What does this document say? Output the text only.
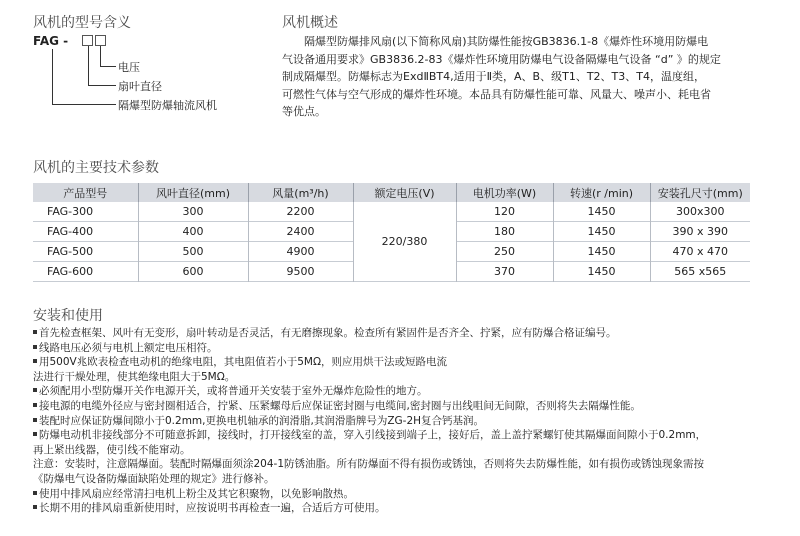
风机的型号含义
FAG -
电压
扇叶直径
隔爆型防爆轴流风机
风机概述

隔爆型防爆排风扇(以下简称风扇)其防爆性能按GB3836.1-8《爆炸性环境用防爆电

气设备通用要求》GB3836.2-83《爆炸性环境用防爆电气设备隔爆电气设备 “d” 》的规定

制成隔爆型。防爆标志为ExdⅡBT4,适用于Ⅱ类，A、B、级T1、T2、T3、T4，温度组，

可燃性气体与空气形成的爆炸性环境。本品具有防爆性能可靠、风量大、噪声小、耗电省

等优点。

风机的主要技术参数
产品型号	风叶直径(mm)	风量(m³/h)	额定电压(V)	电机功率(W)	转速(r /min)	安装孔尺寸(mm)
FAG-300	300	2200	220/380	120	1450	300x300
FAG-400	400	2400		180	1450	390 x 390
FAG-500	500	4900		250	1450	470 x 470
FAG-600	600	9500		370	1450	565 x565
安装和使用
首先检查框架、风叶有无变形，扇叶转动是否灵活，有无磨擦现象。检查所有紧固件是否齐全、拧紧，应有防爆合格证编号。
线路电压必须与电机上额定电压相符。
用500V兆欧表检查电动机的绝缘电阻，其电阻值若小于5MΩ，则应用烘干法或短路电流
法进行干燥处理，使其绝缘电阻大于5MΩ。
必须配用小型防爆开关作电源开关，或将普通开关安装于室外无爆炸危险性的地方。
接电源的电缆外径应与密封圈相适合，拧紧、压紧螺母后应保证密封圈与电缆间,密封圈与出线咀间无间隙，否则将失去隔爆性能。
装配时应保证防爆间隙小于0.2mm,更换电机轴承的润滑脂,其润滑脂牌号为ZG-2H复合钙基润。
防爆电动机非接线部分不可随意拆卸，接线时，打开接线室的盖，穿入引线接到端子上，接好后，盖上盖拧紧螺钉使其隔爆面间隙小于0.2mm，
再上紧出线器，使引线不能窜动。
注意：安装时，注意隔爆面。装配时隔爆面须涂204-1防锈油脂。所有防爆面不得有损伤或锈蚀，否则将失去防爆性能，如有损伤或锈蚀现象需按
《防爆电气设备防爆面缺陷处理的规定》进行修补。
使用中排风扇应经常清扫电机上粉尘及其它积聚物，以免影响散热。
长期不用的排风扇重新使用时，应按说明书再检查一遍，合适后方可使用。
